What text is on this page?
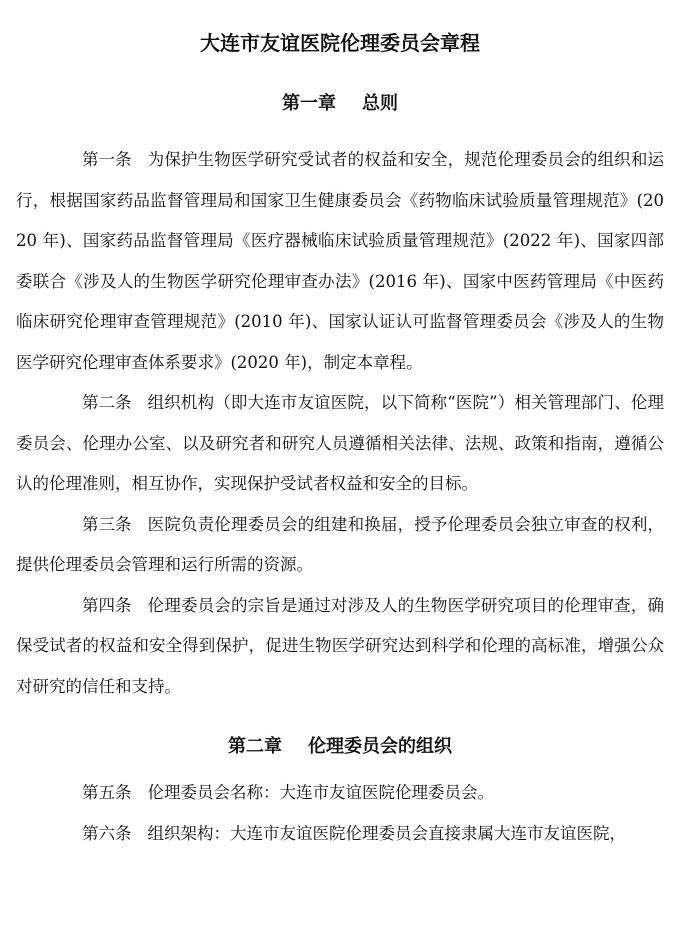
大连市友谊医院伦理委员会章程
第一章 总则

第一条 为保护生物医学研究受试者的权益和安全，规范伦理委员会的组织和运行，根据国家药品监督管理局和国家卫生健康委员会《药物临床试验质量管理规范》(2020 年)、国家药品监督管理局《医疗器械临床试验质量管理规范》(2022 年)、国家四部委联合《涉及人的生物医学研究伦理审查办法》(2016 年)、国家中医药管理局《中医药临床研究伦理审查管理规范》(2010 年)、国家认证认可监督管理委员会《涉及人的生物医学研究伦理审查体系要求》(2020 年)，制定本章程。

第二条 组织机构（即大连市友谊医院，以下简称“医院”）相关管理部门、伦理委员会、伦理办公室、以及研究者和研究人员遵循相关法律、法规、政策和指南，遵循公认的伦理准则，相互协作，实现保护受试者权益和安全的目标。

第三条 医院负责伦理委员会的组建和换届，授予伦理委员会独立审查的权利，提供伦理委员会管理和运行所需的资源。

第四条 伦理委员会的宗旨是通过对涉及人的生物医学研究项目的伦理审查，确保受试者的权益和安全得到保护，促进生物医学研究达到科学和伦理的高标准，增强公众对研究的信任和支持。

第二章 伦理委员会的组织

第五条 伦理委员会名称：大连市友谊医院伦理委员会。

第六条 组织架构：大连市友谊医院伦理委员会直接隶属大连市友谊医院，
